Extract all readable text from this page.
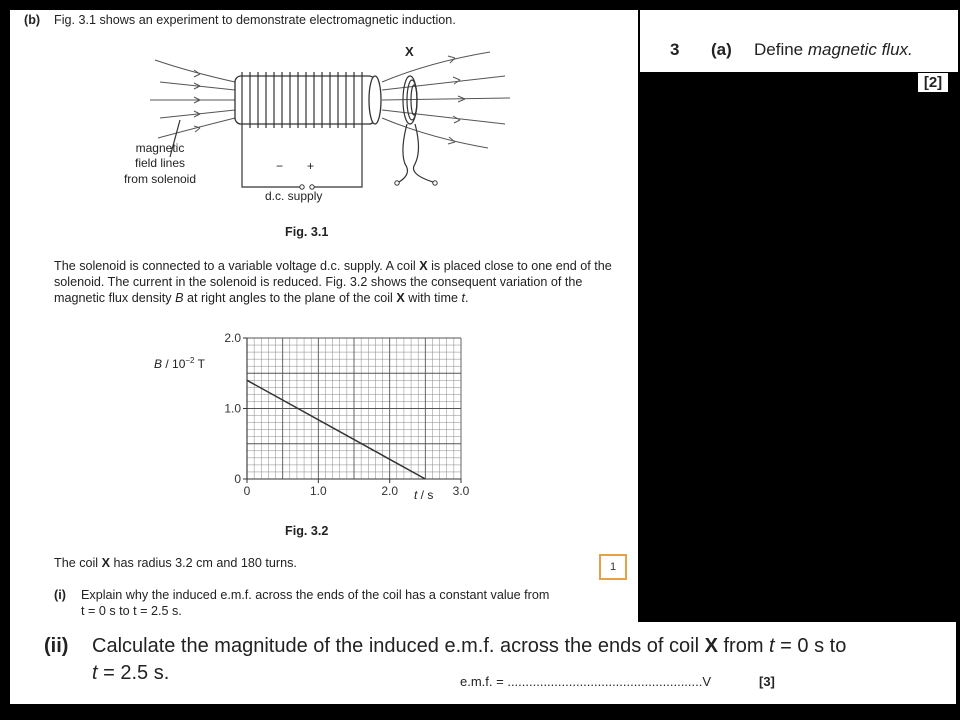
(b) Fig. 3.1 shows an experiment to demonstrate electromagnetic induction.
X
magnetic
field lines
from solenoid
− +
d.c. supply
Fig. 3.1
The solenoid is connected to a variable voltage d.c. supply. A coil X is placed close to one end of the solenoid. The current in the solenoid is reduced. Fig. 3.2 shows the consequent variation of the magnetic flux density B at right angles to the plane of the coil X with time t.
0	1.0	2.0	3.0
0
1.0
2.0
B / $10^{-2}$ T
t / s
Fig. 3.2
The coil X has radius 3.2 cm and 180 turns.
(i) Explain why the induced e.m.f. across the ends of the coil has a constant value from
t = 0 s to t = 2.5 s.
1
3 (a) Define magnetic flux.
[2]
(ii) Calculate the magnitude of the induced e.m.f. across the ends of coil X from t = 0 s to
t = 2.5 s.	e.m.f. = ......................................................V	[3]
